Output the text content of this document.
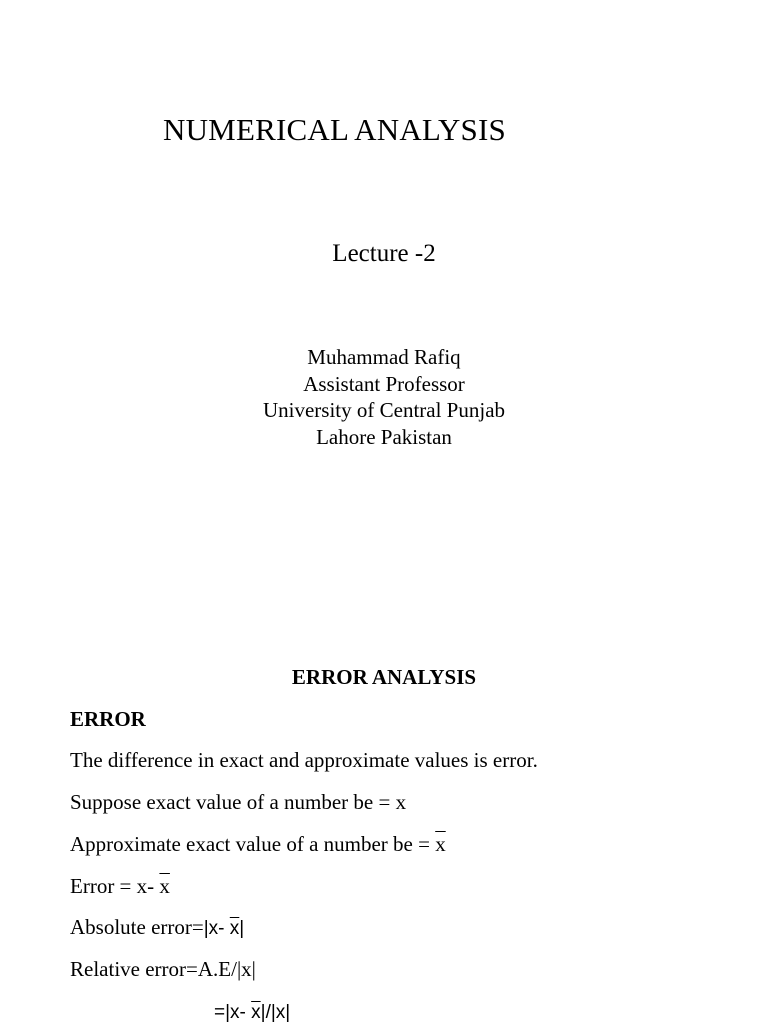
NUMERICAL ANALYSIS
Lecture -2
Muhammad Rafiq
Assistant Professor
University of Central Punjab
Lahore Pakistan
ERROR ANALYSIS
ERROR
The difference in exact and approximate values is error.
Suppose exact value of a number be = x
Approximate exact value of a number be = $\overline{x}$
Error = x- $\overline{x}$
Absolute error=|x- $\overline{x}|$
Relative error=A.E/|x|
=|x- $\overline{x}|/|x|$
